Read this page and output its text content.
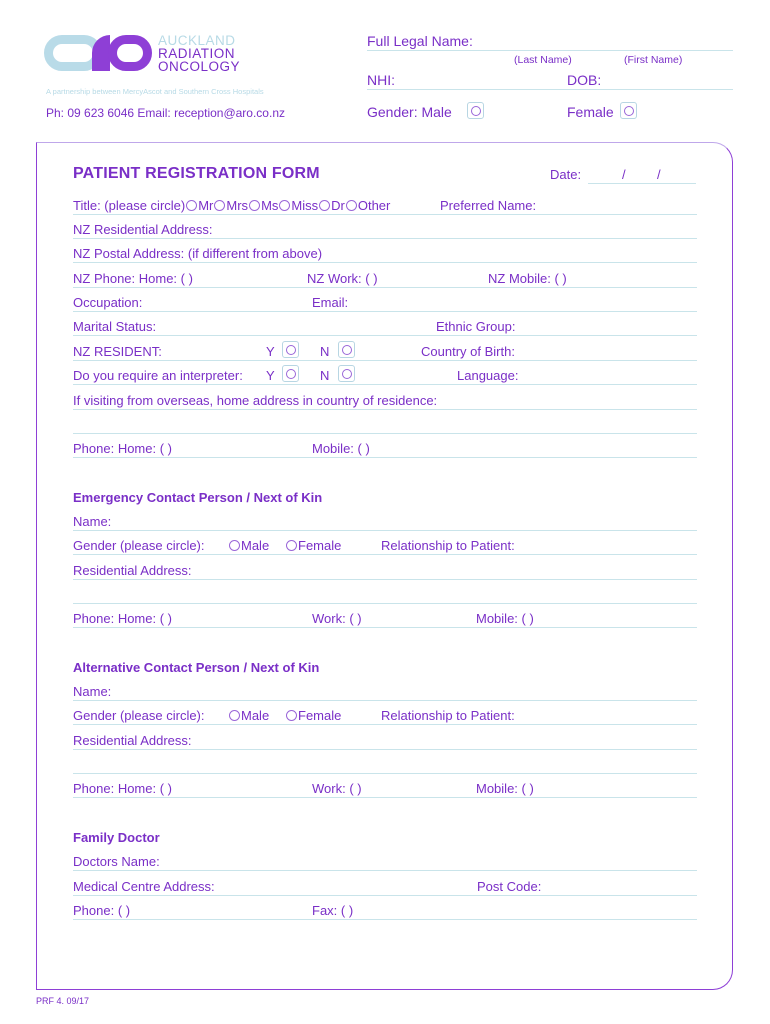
AUCKLAND
RADIATION
ONCOLOGY
A partnership between MercyAscot and Southern Cross Hospitals
Ph: 09 623 6046 Email: reception@aro.co.nz
Full Legal Name:
(Last Name)	(First Name)
NHI:	DOB:
Gender: Male	Female
PATIENT REGISTRATION FORM	Date:	/ /
Title: (please circle) Mr Mrs Ms Miss Dr Other	Preferred Name:
NZ Residential Address:
NZ Postal Address: (if different from above)
NZ Phone: Home: ( )	NZ Work: ( )	NZ Mobile: ( )
Occupation:	Email:
Marital Status:	Ethnic Group:
NZ RESIDENT:	Y	N	Country of Birth:
Do you require an interpreter: Y	N	Language:
If visiting from overseas, home address in country of residence:
Phone: Home: ( )	Mobile: ( )
Emergency Contact Person / Next of Kin
Name:
Gender (please circle):	Male	Female	Relationship to Patient:
Residential Address:
Phone: Home: ( )	Work: ( )	Mobile: ( )
Alternative Contact Person / Next of Kin
Name:
Gender (please circle):	Male	Female	Relationship to Patient:
Residential Address:
Phone: Home: ( )	Work: ( )	Mobile: ( )
Family Doctor
Doctors Name:
Medical Centre Address:	Post Code:
Phone: ( )	Fax: ( )
PRF 4. 09/17
